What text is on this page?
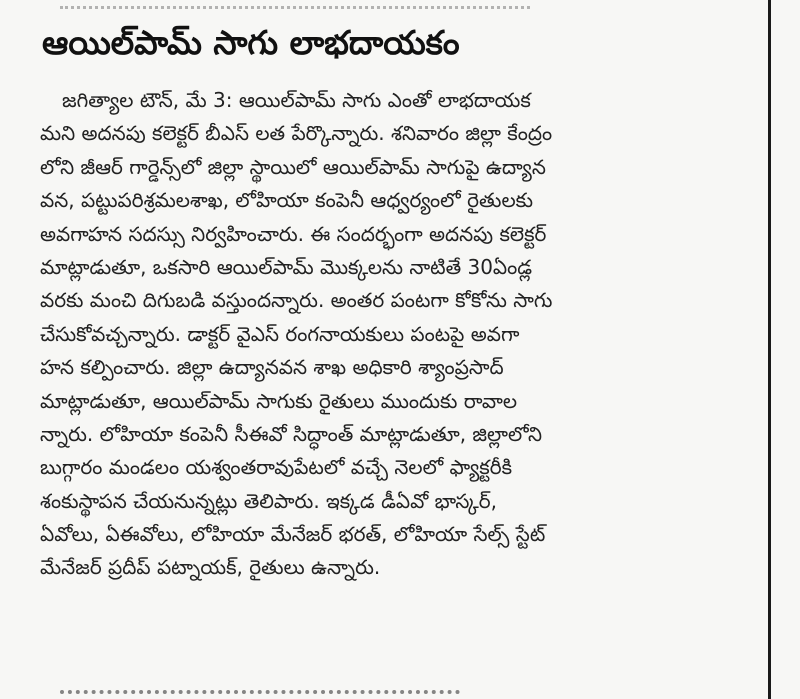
ఆయిల్‌పామ్ సాగు లాభదాయకం
జగిత్యాల టౌన్, మే 3: ఆయిల్‌పామ్ సాగు ఎంతో లాభదాయక
మని అదనపు కలెక్టర్ బీఎస్ లత పేర్కొన్నారు. శనివారం జిల్లా కేంద్రం
లోని జీఆర్ గార్డెన్స్‌లో జిల్లా స్థాయిలో ఆయిల్‌పామ్ సాగుపై ఉద్యాన
వన, పట్టుపరిశ్రమలశాఖ, లోహియా కంపెనీ ఆధ్వర్యంలో రైతులకు
అవగాహన సదస్సు నిర్వహించారు. ఈ సందర్భంగా అదనపు కలెక్టర్
మాట్లాడుతూ, ఒకసారి ఆయిల్‌పామ్ మొక్కలను నాటితే 30ఏండ్ల
వరకు మంచి దిగుబడి వస్తుందన్నారు. అంతర పంటగా కోకోను సాగు
చేసుకోవచ్చన్నారు. డాక్టర్ వైఎస్ రంగనాయకులు పంటపై అవగా
హన కల్పించారు. జిల్లా ఉద్యానవన శాఖ అధికారి శ్యాంప్రసాద్
మాట్లాడుతూ, ఆయిల్‌పామ్ సాగుకు రైతులు ముందుకు రావాల
న్నారు. లోహియా కంపెనీ సీఈవో సిద్ధాంత్ మాట్లాడుతూ, జిల్లాలోని
బుగ్గారం మండలం యశ్వంతరావుపేటలో వచ్చే నెలలో ఫ్యాక్టరీకి
శంకుస్థాపన చేయనున్నట్లు తెలిపారు. ఇక్కడ డీఏవో భాస్కర్,
ఏవోలు, ఏఈవోలు, లోహియా మేనేజర్ భరత్, లోహియా సేల్స్ స్టేట్
మేనేజర్ ప్రదీప్ పట్నాయక్, రైతులు ఉన్నారు.
